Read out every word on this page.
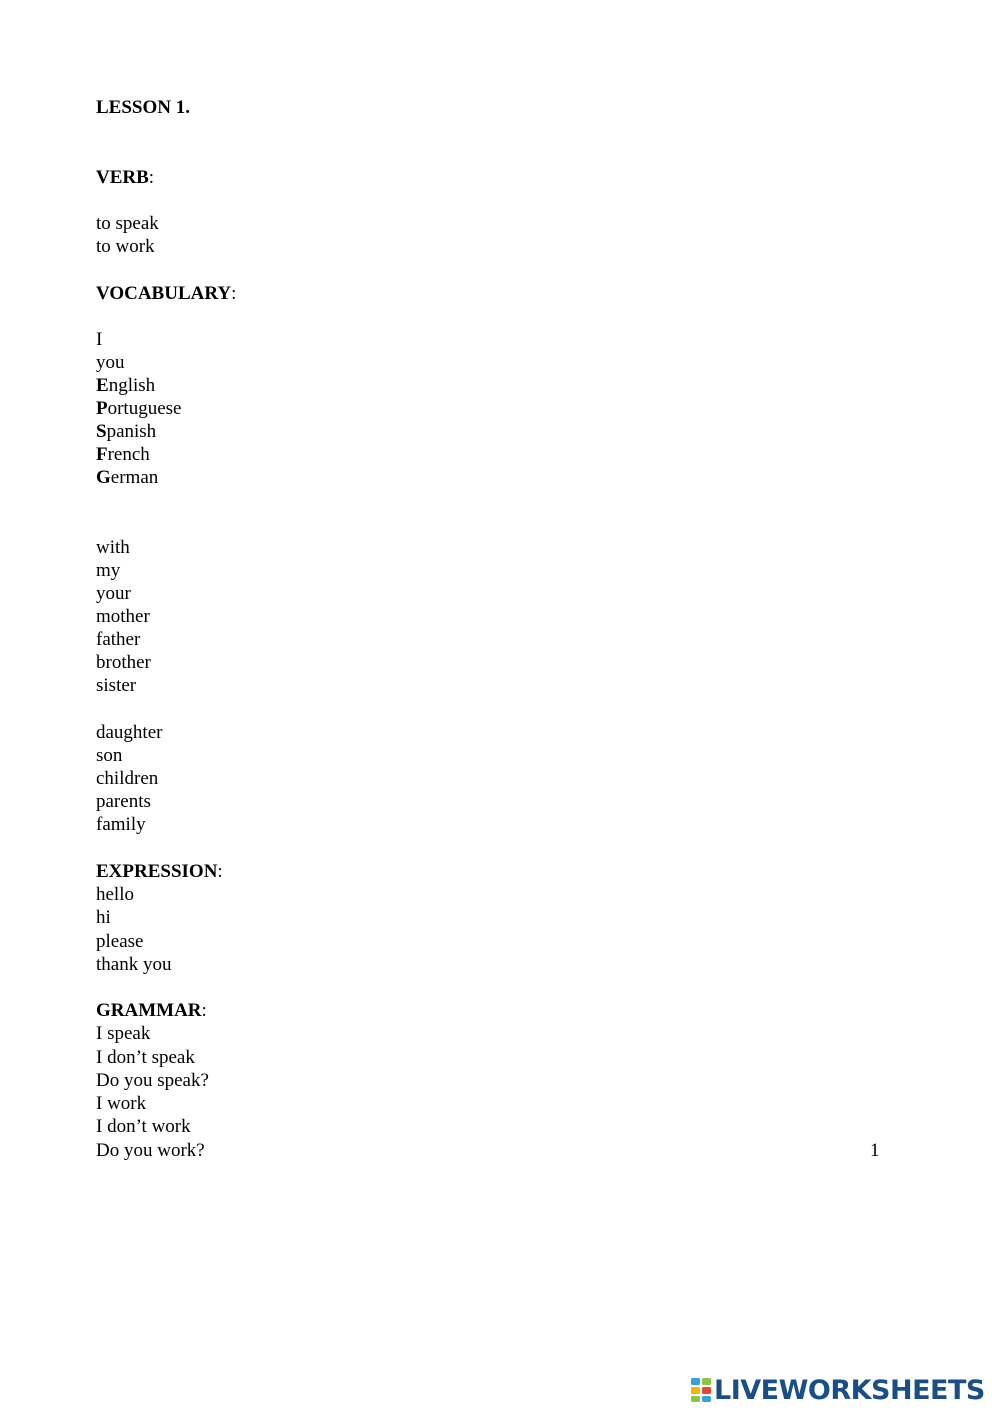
LESSON 1.
VERB:
to speak
to work
VOCABULARY:
I
you
English
Portuguese
Spanish
French
German
with
my
your
mother
father
brother
sister
daughter
son
children
parents
family
EXPRESSION:
hello
hi
please
thank you
GRAMMAR:
I speak
I don’t speak
Do you speak?
I work
I don’t work
Do you work?	1
LIVEWORKSHEETS
